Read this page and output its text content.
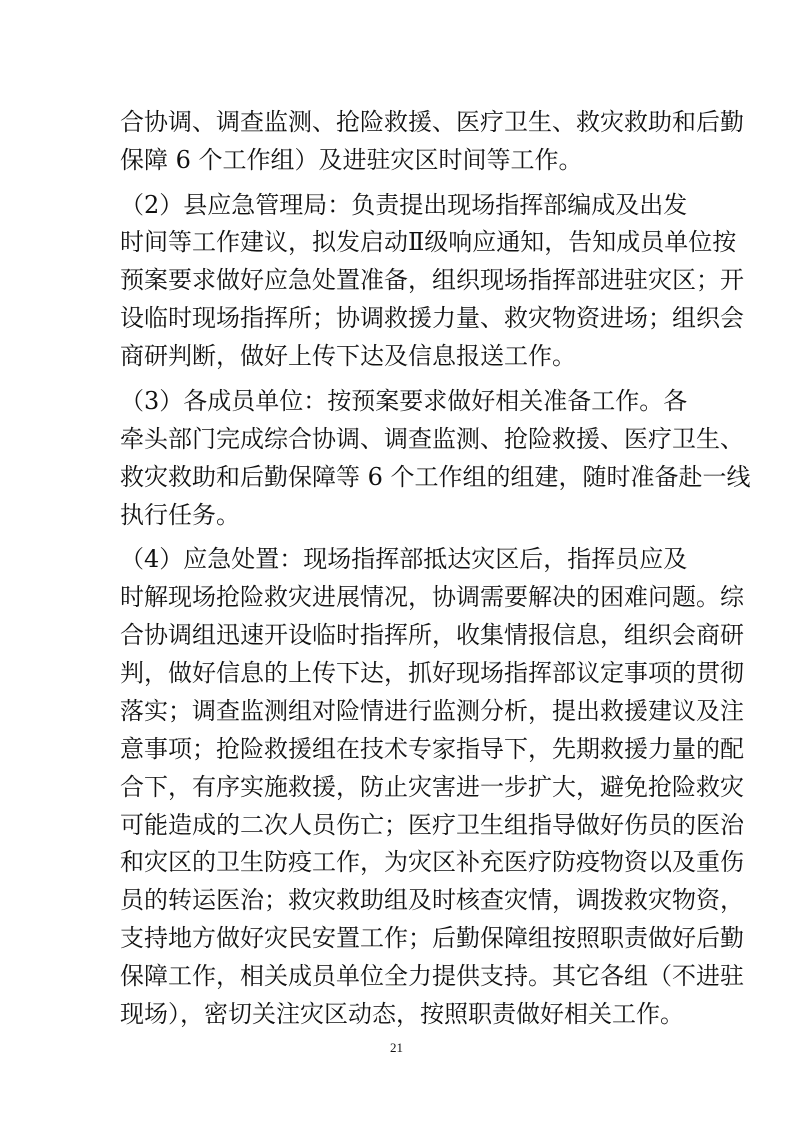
合协调、调查监测、抢险救援、医疗卫生、救灾救助和后勤
保障 6 个工作组）及进驻灾区时间等工作。
（2）县应急管理局：负责提出现场指挥部编成及出发
时间等工作建议，拟发启动Ⅱ级响应通知，告知成员单位按
预案要求做好应急处置准备，组织现场指挥部进驻灾区；开
设临时现场指挥所；协调救援力量、救灾物资进场；组织会
商研判断，做好上传下达及信息报送工作。
（3）各成员单位：按预案要求做好相关准备工作。各
牵头部门完成综合协调、调查监测、抢险救援、医疗卫生、
救灾救助和后勤保障等 6 个工作组的组建，随时准备赴一线
执行任务。
（4）应急处置：现场指挥部抵达灾区后，指挥员应及
时解现场抢险救灾进展情况，协调需要解决的困难问题。综
合协调组迅速开设临时指挥所，收集情报信息，组织会商研
判，做好信息的上传下达，抓好现场指挥部议定事项的贯彻
落实；调查监测组对险情进行监测分析，提出救援建议及注
意事项；抢险救援组在技术专家指导下，先期救援力量的配
合下，有序实施救援，防止灾害进一步扩大，避免抢险救灾
可能造成的二次人员伤亡；医疗卫生组指导做好伤员的医治
和灾区的卫生防疫工作，为灾区补充医疗防疫物资以及重伤
员的转运医治；救灾救助组及时核查灾情，调拨救灾物资，
支持地方做好灾民安置工作；后勤保障组按照职责做好后勤
保障工作，相关成员单位全力提供支持。其它各组（不进驻
现场），密切关注灾区动态，按照职责做好相关工作。
21
